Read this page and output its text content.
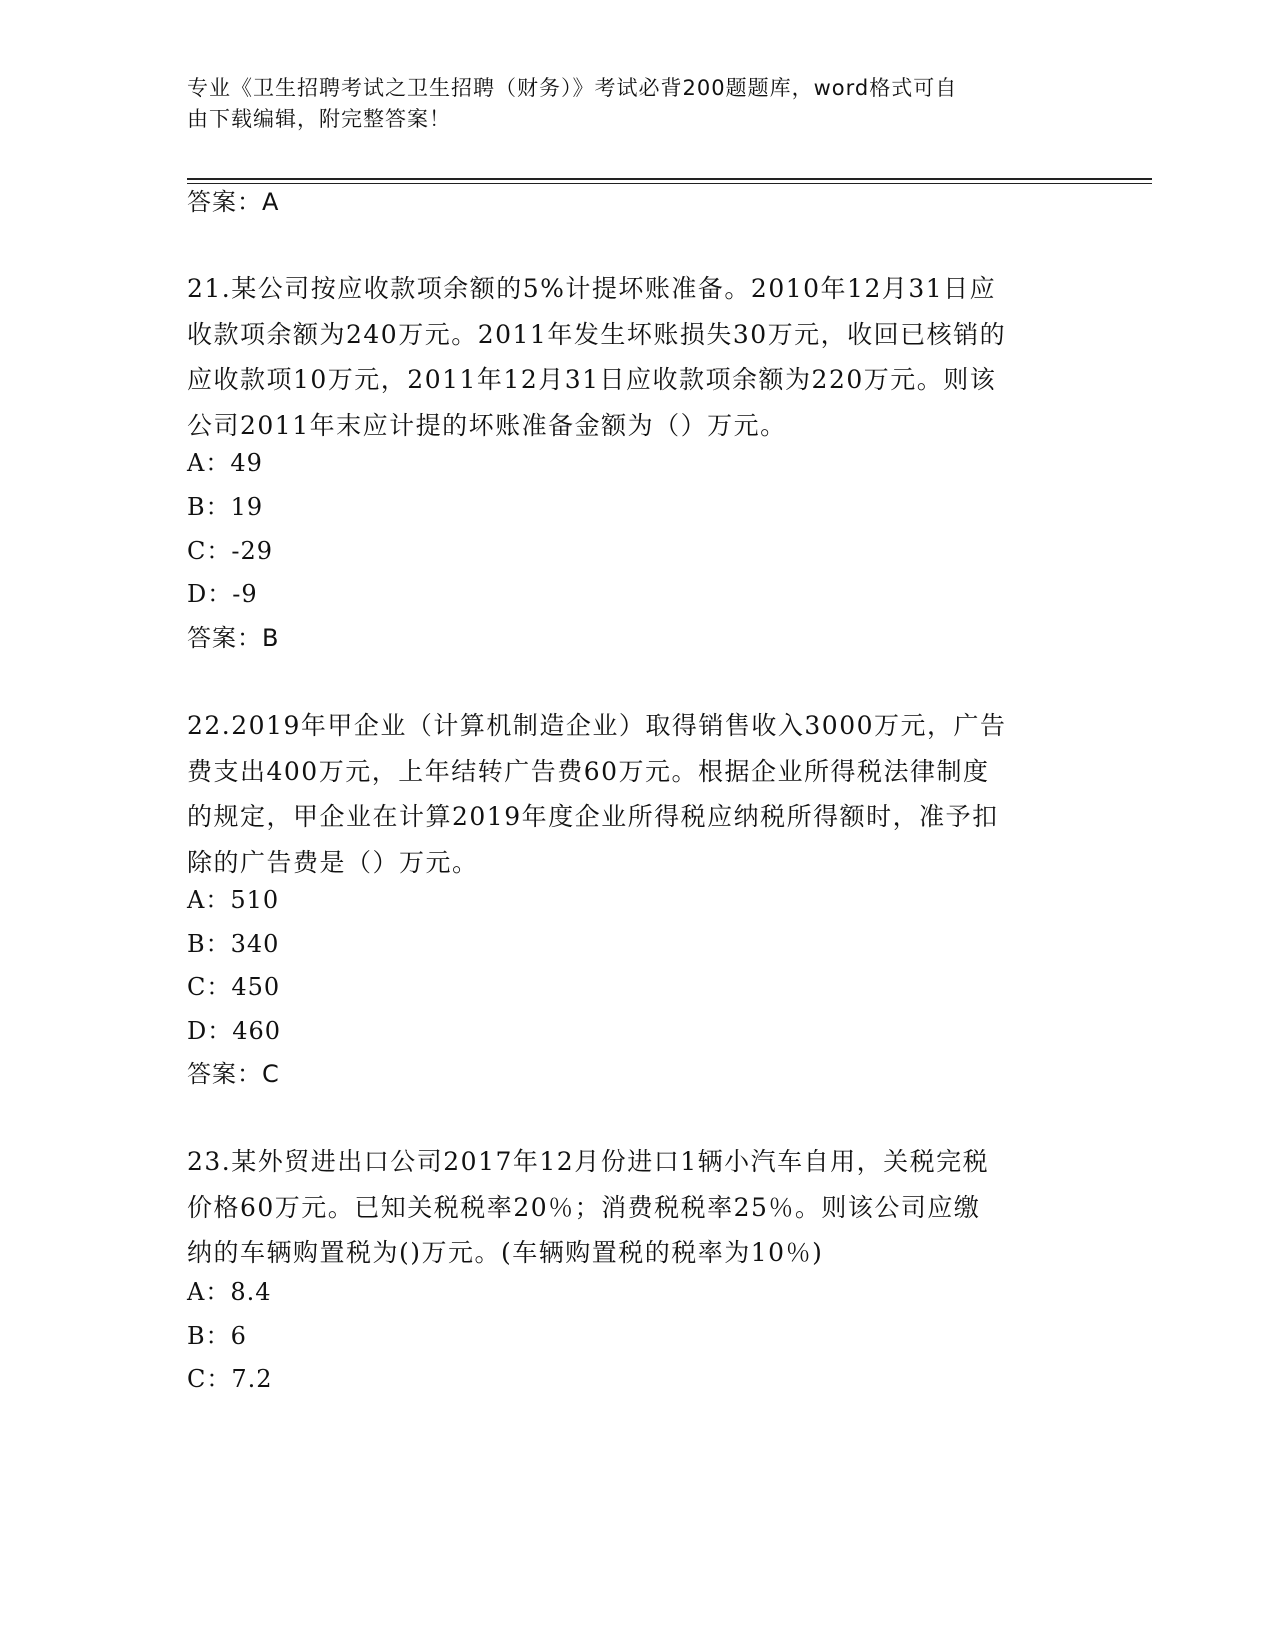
专业《卫生招聘考试之卫生招聘（财务）》考试必背200题题库，word格式可自

由下载编辑，附完整答案！

答案：A

21.某公司按应收款项余额的5%计提坏账准备。2010年12月31日应

收款项余额为240万元。2011年发生坏账损失30万元，收回已核销的

应收款项10万元，2011年12月31日应收款项余额为220万元。则该

公司2011年末应计提的坏账准备金额为（）万元。

A：49
B：19
C：-29
D：-9
答案：B

22.2019年甲企业（计算机制造企业）取得销售收入3000万元，广告

费支出400万元，上年结转广告费60万元。根据企业所得税法律制度

的规定，甲企业在计算2019年度企业所得税应纳税所得额时，准予扣

除的广告费是（）万元。

A：510
B：340
C：450
D：460
答案：C

23.某外贸进出口公司2017年12月份进口1辆小汽车自用，关税完税

价格60万元。已知关税税率20％；消费税税率25％。则该公司应缴

纳的车辆购置税为()万元。(车辆购置税的税率为10％)

A：8.4
B：6
C：7.2
